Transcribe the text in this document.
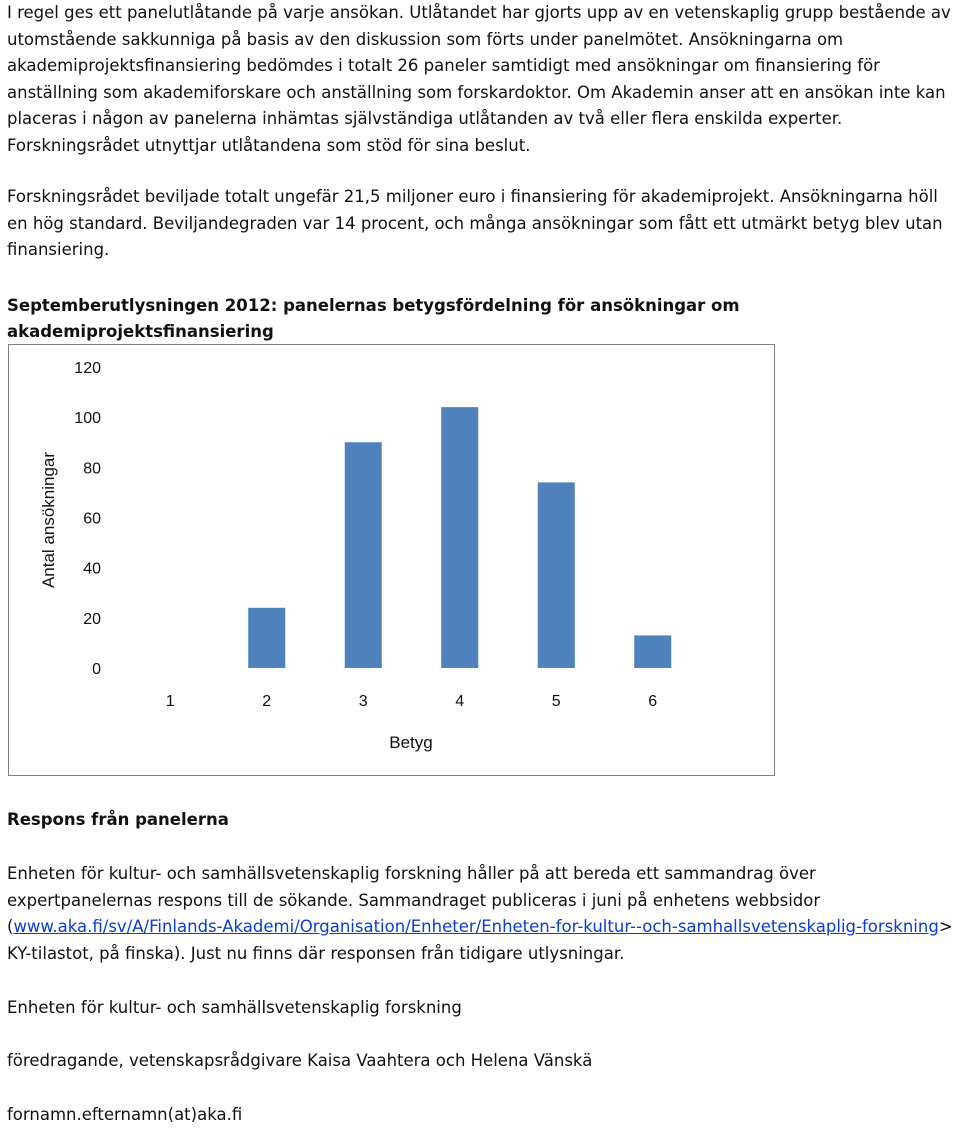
I regel ges ett panelutlåtande på varje ansökan. Utlåtandet har gjorts upp av en vetenskaplig grupp bestående av utomstående sakkunniga på basis av den diskussion som förts under panelmötet. Ansökningarna om akademiprojektsfinansiering bedömdes i totalt 26 paneler samtidigt med ansökningar om finansiering för anställning som akademiforskare och anställning som forskardoktor. Om Akademin anser att en ansökan inte kan placeras i någon av panelerna inhämtas självständiga utlåtanden av två eller flera enskilda experter. Forskningsrådet utnyttjar utlåtandena som stöd för sina beslut.

Forskningsrådet beviljade totalt ungefär 21,5 miljoner euro i finansiering för akademiprojekt. Ansökningarna höll en hög standard. Beviljandegraden var 14 procent, och många ansökningar som fått ett utmärkt betyg blev utan finansiering.

Septemberutlysningen 2012: panelernas betygsfördelning för ansökningar om akademiprojektsfinansiering

Antal ansökningar
Betyg
0
20
40
60
80
100
120
1	2	3	4	5	6

Respons från panelerna

Enheten för kultur- och samhällsvetenskaplig forskning håller på att bereda ett sammandrag över expertpanelernas respons till de sökande. Sammandraget publiceras i juni på enhetens webbsidor (www.aka.fi/sv/A/Finlands-Akademi/Organisation/Enheter/Enheten-for-kultur--och-samhallsvetenskaplig-forskning> KY-tilastot, på finska). Just nu finns där responsen från tidigare utlysningar.

Enheten för kultur- och samhällsvetenskaplig forskning

föredragande, vetenskapsrådgivare Kaisa Vaahtera och Helena Vänskä

fornamn.efternamn(at)aka.fi
